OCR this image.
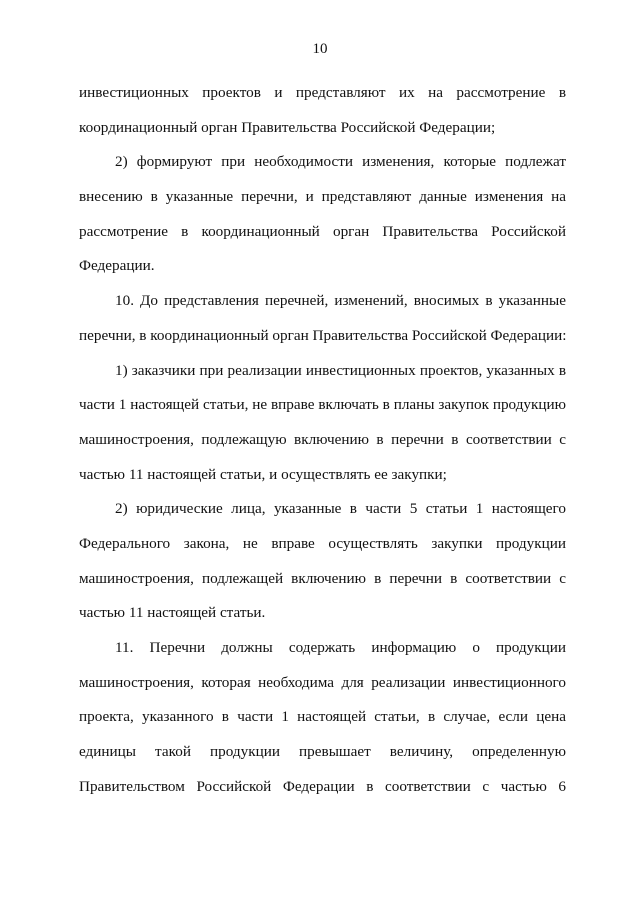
10
инвестиционных проектов и представляют их на рассмотрение в
координационный орган Правительства Российской Федерации;
2) формируют при необходимости изменения, которые подлежат
внесению в указанные перечни, и представляют данные изменения на
рассмотрение в координационный орган Правительства Российской
Федерации.
10. До представления перечней, изменений, вносимых в указанные
перечни, в координационный орган Правительства Российской Федерации:
1) заказчики при реализации инвестиционных проектов, указанных в
части 1 настоящей статьи, не вправе включать в планы закупок продукцию
машиностроения, подлежащую включению в перечни в соответствии с
частью 11 настоящей статьи, и осуществлять ее закупки;
2) юридические лица, указанные в части 5 статьи 1 настоящего
Федерального закона, не вправе осуществлять закупки продукции
машиностроения, подлежащей включению в перечни в соответствии с
частью 11 настоящей статьи.
11. Перечни должны содержать информацию о продукции
машиностроения, которая необходима для реализации инвестиционного
проекта, указанного в части 1 настоящей статьи, в случае, если цена
единицы такой продукции превышает величину, определенную
Правительством Российской Федерации в соответствии с частью 6
